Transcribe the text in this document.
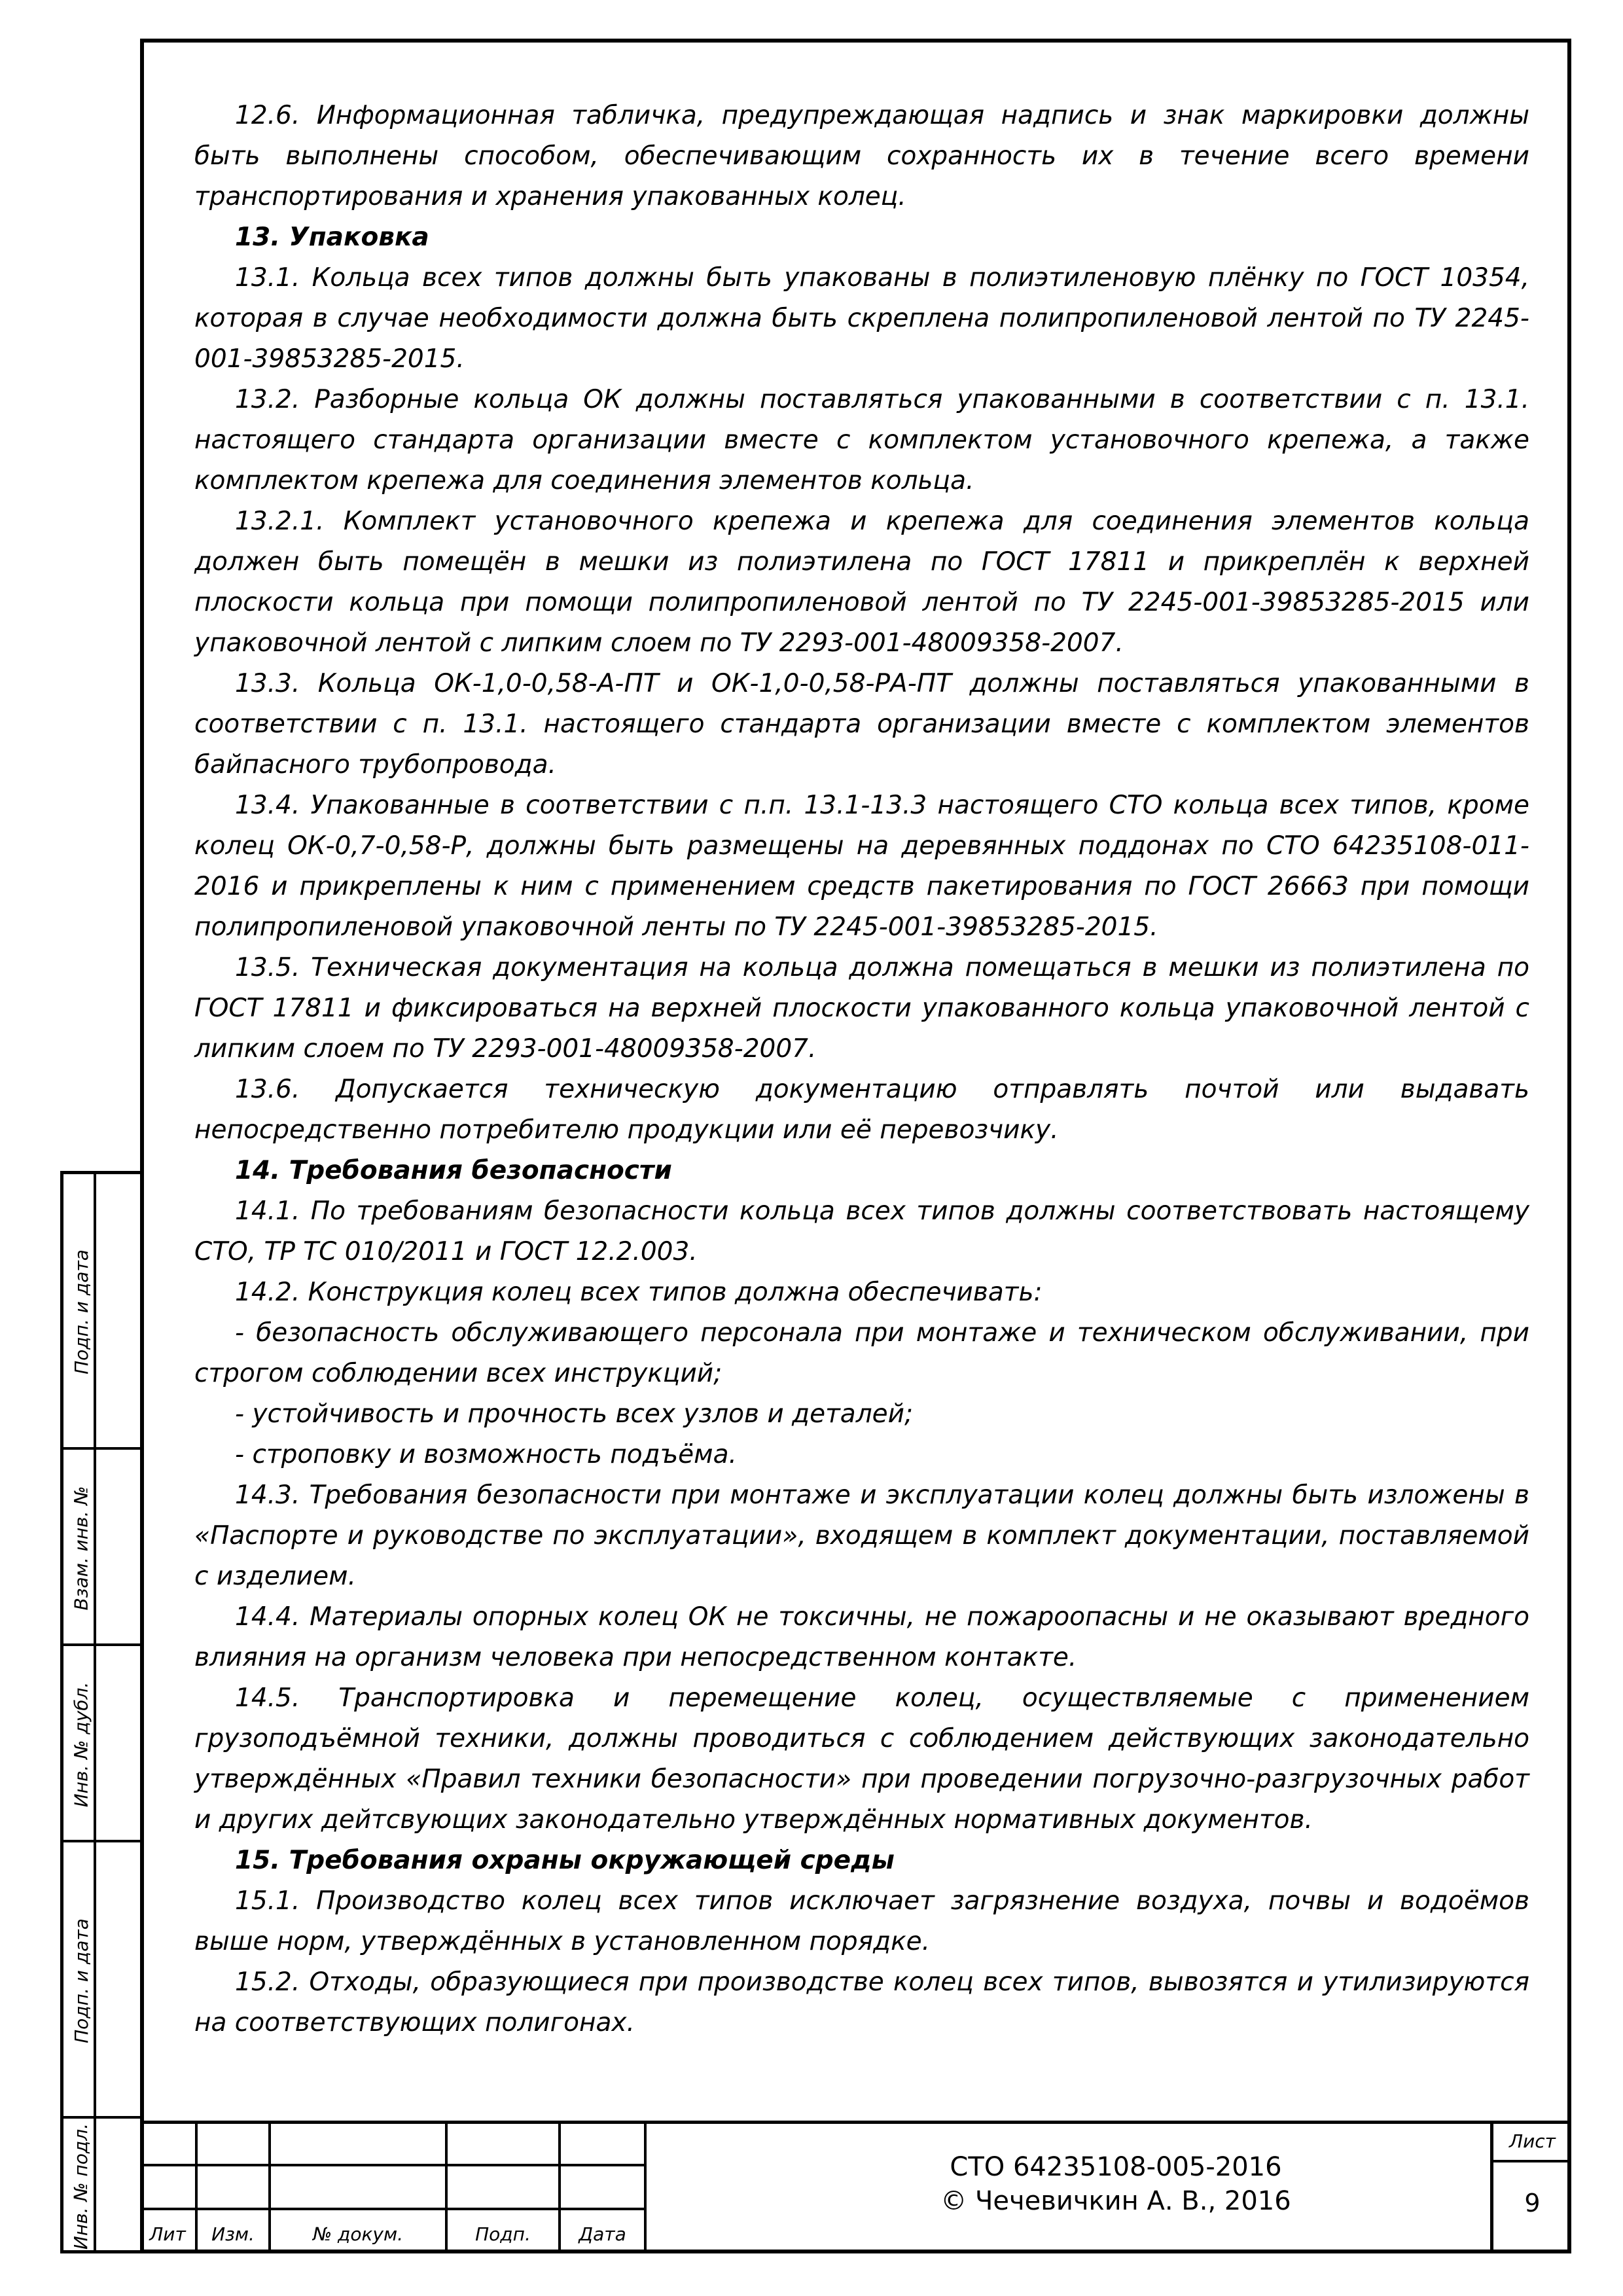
12.6. Информационная табличка, предупреждающая надпись и знак маркировки должны быть выполнены способом, обеспечивающим сохранность их в течение всего времени транспортирования и хранения упакованных колец.

13. Упаковка

13.1. Кольца всех типов должны быть упакованы в полиэтиленовую плёнку по ГОСТ 10354, которая в случае необходимости должна быть скреплена полипропиленовой лентой по ТУ 2245-001-39853285-2015.

13.2. Разборные кольца ОК должны поставляться упакованными в соответствии с п. 13.1. настоящего стандарта организации вместе с комплектом установочного крепежа, а также комплектом крепежа для соединения элементов кольца.

13.2.1. Комплект установочного крепежа и крепежа для соединения элементов кольца должен быть помещён в мешки из полиэтилена по ГОСТ 17811 и прикреплён к верхней плоскости кольца при помощи полипропиленовой лентой по ТУ 2245-001-39853285-2015 или упаковочной лентой с липким слоем по ТУ 2293-001-48009358-2007.

13.3. Кольца ОК-1,0-0,58-А-ПТ и ОК-1,0-0,58-РА-ПТ должны поставляться упакованными в соответствии с п. 13.1. настоящего стандарта организации вместе с комплектом элементов байпасного трубопровода.

13.4. Упакованные в соответствии с п.п. 13.1-13.3 настоящего СТО кольца всех типов, кроме колец ОК-0,7-0,58-Р, должны быть размещены на деревянных поддонах по СТО 64235108-011-2016 и прикреплены к ним с применением средств пакетирования по ГОСТ 26663 при помощи полипропиленовой упаковочной ленты по ТУ 2245-001-39853285-2015.

13.5. Техническая документация на кольца должна помещаться в мешки из полиэтилена по ГОСТ 17811 и фиксироваться на верхней плоскости упакованного кольца упаковочной лентой с липким слоем по ТУ 2293-001-48009358-2007.

13.6. Допускается техническую документацию отправлять почтой или выдавать непосредственно потребителю продукции или её перевозчику.

14. Требования безопасности

14.1. По требованиям безопасности кольца всех типов должны соответствовать настоящему СТО, ТР ТС 010/2011 и ГОСТ 12.2.003.

14.2. Конструкция колец всех типов должна обеспечивать:

- безопасность обслуживающего персонала при монтаже и техническом обслуживании, при строгом соблюдении всех инструкций;

- устойчивость и прочность всех узлов и деталей;

- строповку и возможность подъёма.

14.3. Требования безопасности при монтаже и эксплуатации колец должны быть изложены в «Паспорте и руководстве по эксплуатации», входящем в комплект документации, поставляемой с изделием.

14.4. Материалы опорных колец ОК не токсичны, не пожароопасны и не оказывают вредного влияния на организм человека при непосредственном контакте.

14.5. Транспортировка и перемещение колец, осуществляемые с применением грузоподъёмной техники, должны проводиться с соблюдением действующих законодательно утверждённых «Правил техники безопасности» при проведении погрузочно-разгрузочных работ и других дейтсвующих законодательно утверждённых нормативных документов.

15. Требования охраны окружающей среды

15.1. Производство колец всех типов исключает загрязнение воздуха, почвы и водоёмов выше норм, утверждённых в установленном порядке.

15.2. Отходы, образующиеся при производстве колец всех типов, вывозятся и утилизируются на соответствующих полигонах.

Подп. и дата
Взам. инв. №
Инв. № дубл.
Подп. и дата
Инв. № подл.	Лит	Изм.	№ докум.	Подп.	Дата
Лист
9
СТО 64235108-005-2016
© Чечевичкин А. В., 2016
